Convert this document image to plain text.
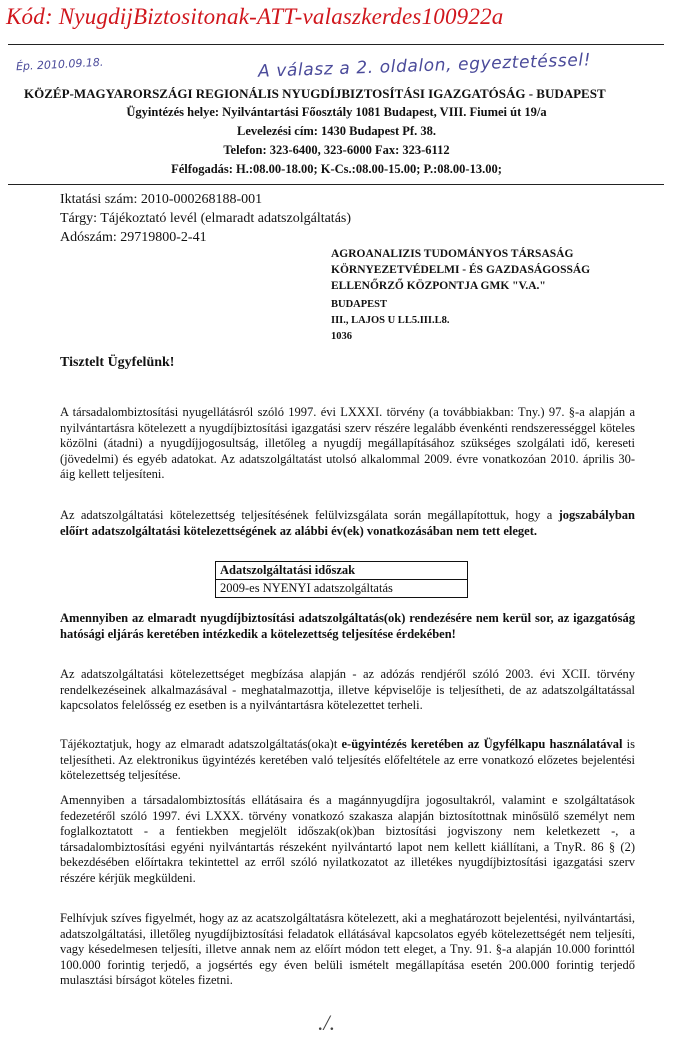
Kód: NyugdijBiztositonak-ATT-valaszkerdes100922a
Ép. 2010.09.18.	A válasz a 2. oldalon, egyeztetéssel!
KÖZÉP-MAGYARORSZÁGI REGIONÁLIS NYUGDÍJBIZTOSÍTÁSI IGAZGATÓSÁG - BUDAPEST
Ügyintézés helye: Nyilvántartási Főosztály 1081 Budapest, VIII. Fiumei út 19/a
Levelezési cím: 1430 Budapest Pf. 38.
Telefon: 323-6400, 323-6000 Fax: 323-6112
Félfogadás: H.:08.00-18.00; K-Cs.:08.00-15.00; P.:08.00-13.00;
Iktatási szám: 2010-000268188-001
Tárgy: Tájékoztató levél (elmaradt adatszolgáltatás)
Adószám: 29719800-2-41
AGROANALIZIS TUDOMÁNYOS TÁRSASÁG
KÖRNYEZETVÉDELMI - ÉS GAZDASÁGOSSÁG
ELLENŐRZŐ KÖZPONTJA GMK "V.A."
BUDAPEST
III., LAJOS U LL5.III.L8.
1036
Tisztelt Ügyfelünk!

A társadalombiztosítási nyugellátásról szóló 1997. évi LXXXI. törvény (a továbbiakban: Tny.) 97. §-a alapján a nyilvántartásra kötelezett a nyugdíjbiztosítási igazgatási szerv részére legalább évenkénti rendszerességgel köteles közölni (átadni) a nyugdíjjogosultság, illetőleg a nyugdíj megállapításához szükséges szolgálati idő, kereseti (jövedelmi) és egyéb adatokat. Az adatszolgáltatást utolsó alkalommal 2009. évre vonatkozóan 2010. április 30-áig kellett teljesíteni.

Az adatszolgáltatási kötelezettség teljesítésének felülvizsgálata során megállapítottuk, hogy a jogszabályban előírt adatszolgáltatási kötelezettségének az alábbi év(ek) vonatkozásában nem tett eleget.

Adatszolgáltatási időszak
2009-es NYENYI adatszolgáltatás

Amennyiben az elmaradt nyugdíjbiztosítási adatszolgáltatás(ok) rendezésére nem kerül sor, az igazgatóság hatósági eljárás keretében intézkedik a kötelezettség teljesítése érdekében!

Az adatszolgáltatási kötelezettséget megbízása alapján - az adózás rendjéről szóló 2003. évi XCII. törvény rendelkezéseinek alkalmazásával - meghatalmazottja, illetve képviselője is teljesítheti, de az adatszolgáltatással kapcsolatos felelősség ez esetben is a nyilvántartásra kötelezettet terheli.

Tájékoztatjuk, hogy az elmaradt adatszolgáltatás(oka)t e-ügyintézés keretében az Ügyfélkapu használatával is teljesítheti. Az elektronikus ügyintézés keretében való teljesítés előfeltétele az erre vonatkozó előzetes bejelentési kötelezettség teljesítése.

Amennyiben a társadalombiztosítás ellátásaira és a magánnyugdíjra jogosultakról, valamint e szolgáltatások fedezetéről szóló 1997. évi LXXX. törvény vonatkozó szakasza alapján biztosítottnak minősülő személyt nem foglalkoztatott - a fentiekben megjelölt időszak(ok)ban biztosítási jogviszony nem keletkezett -, a társadalombiztosítási egyéni nyilvántartás részeként nyilvántartó lapot nem kellett kiállítani, a TnyR. 86 § (2) bekezdésében előírtakra tekintettel az erről szóló nyilatkozatot az illetékes nyugdíjbiztosítási igazgatási szerv részére kérjük megküldeni.

Felhívjuk szíves figyelmét, hogy az az acatszolgáltatásra kötelezett, aki a meghatározott bejelentési, nyilvántartási, adatszolgáltatási, illetőleg nyugdíjbiztosítási feladatok ellátásával kapcsolatos egyéb kötelezettségét nem teljesíti, vagy késedelmesen teljesíti, illetve annak nem az előírt módon tett eleget, a Tny. 91. §-a alapján 10.000 forinttól 100.000 forintig terjedő, a jogsértés egy éven belüli ismételt megállapítása esetén 200.000 forintig terjedő mulasztási bírságot köteles fizetni.

./.
